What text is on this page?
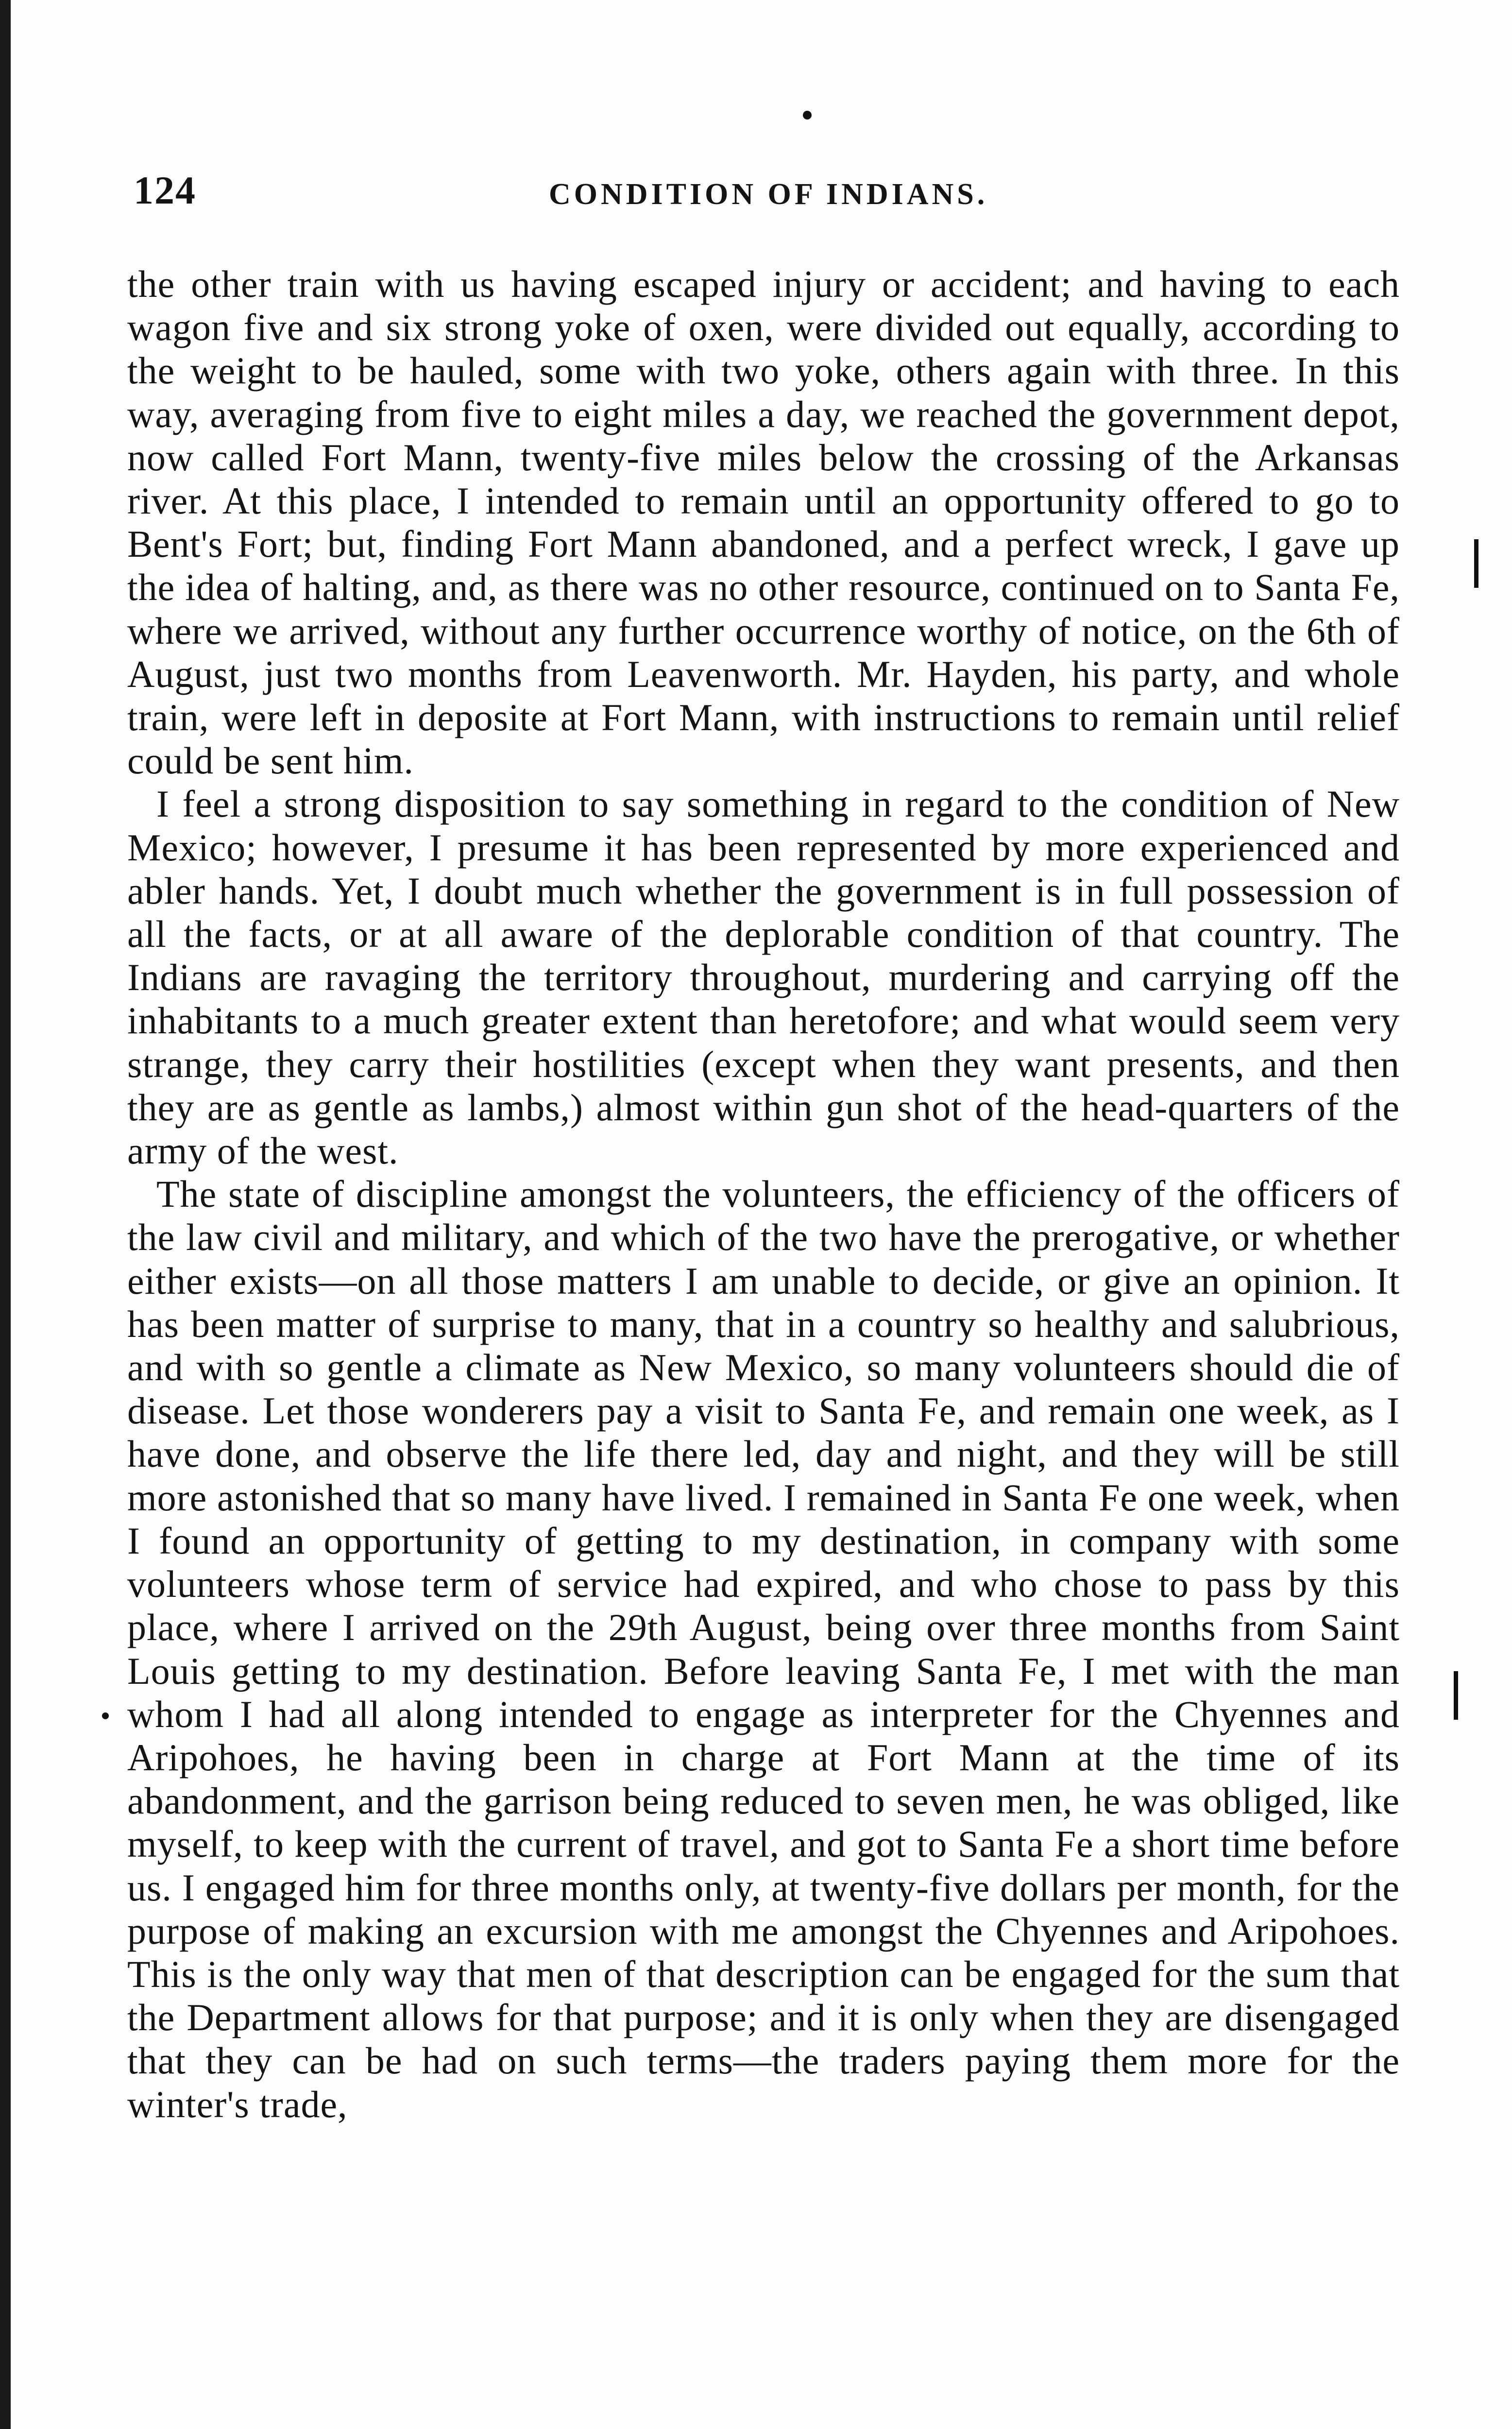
124	CONDITION OF INDIANS.

the other train with us having escaped injury or accident; and having to each wagon five and six strong yoke of oxen, were divided out equally, according to the weight to be hauled, some with two yoke, others again with three. In this way, averaging from five to eight miles a day, we reached the government depot, now called Fort Mann, twenty-five miles below the crossing of the Arkansas river. At this place, I intended to remain until an opportunity offered to go to Bent's Fort; but, finding Fort Mann abandoned, and a perfect wreck, I gave up the idea of halting, and, as there was no other resource, continued on to Santa Fe, where we arrived, without any further occurrence worthy of notice, on the 6th of August, just two months from Leavenworth. Mr. Hayden, his party, and whole train, were left in deposite at Fort Mann, with instructions to remain until relief could be sent him.

I feel a strong disposition to say something in regard to the condition of New Mexico; however, I presume it has been represented by more experienced and abler hands. Yet, I doubt much whether the government is in full possession of all the facts, or at all aware of the deplorable condition of that country. The Indians are ravaging the territory throughout, murdering and carrying off the inhabitants to a much greater extent than heretofore; and what would seem very strange, they carry their hostilities (except when they want presents, and then they are as gentle as lambs,) almost within gun shot of the head-quarters of the army of the west.

The state of discipline amongst the volunteers, the efficiency of the officers of the law civil and military, and which of the two have the prerogative, or whether either exists—on all those matters I am unable to decide, or give an opinion. It has been matter of surprise to many, that in a country so healthy and salubrious, and with so gentle a climate as New Mexico, so many volunteers should die of disease. Let those wonderers pay a visit to Santa Fe, and remain one week, as I have done, and observe the life there led, day and night, and they will be still more astonished that so many have lived. I remained in Santa Fe one week, when I found an opportunity of getting to my destination, in company with some volunteers whose term of service had expired, and who chose to pass by this place, where I arrived on the 29th August, being over three months from Saint Louis getting to my destination. Before leaving Santa Fe, I met with the man whom I had all along intended to engage as interpreter for the Chyennes and Aripohoes, he having been in charge at Fort Mann at the time of its abandonment, and the garrison being reduced to seven men, he was obliged, like myself, to keep with the current of travel, and got to Santa Fe a short time before us. I engaged him for three months only, at twenty-five dollars per month, for the purpose of making an excursion with me amongst the Chyennes and Aripohoes. This is the only way that men of that description can be engaged for the sum that the Department allows for that purpose; and it is only when they are disengaged that they can be had on such terms—the traders paying them more for the winter's trade,
